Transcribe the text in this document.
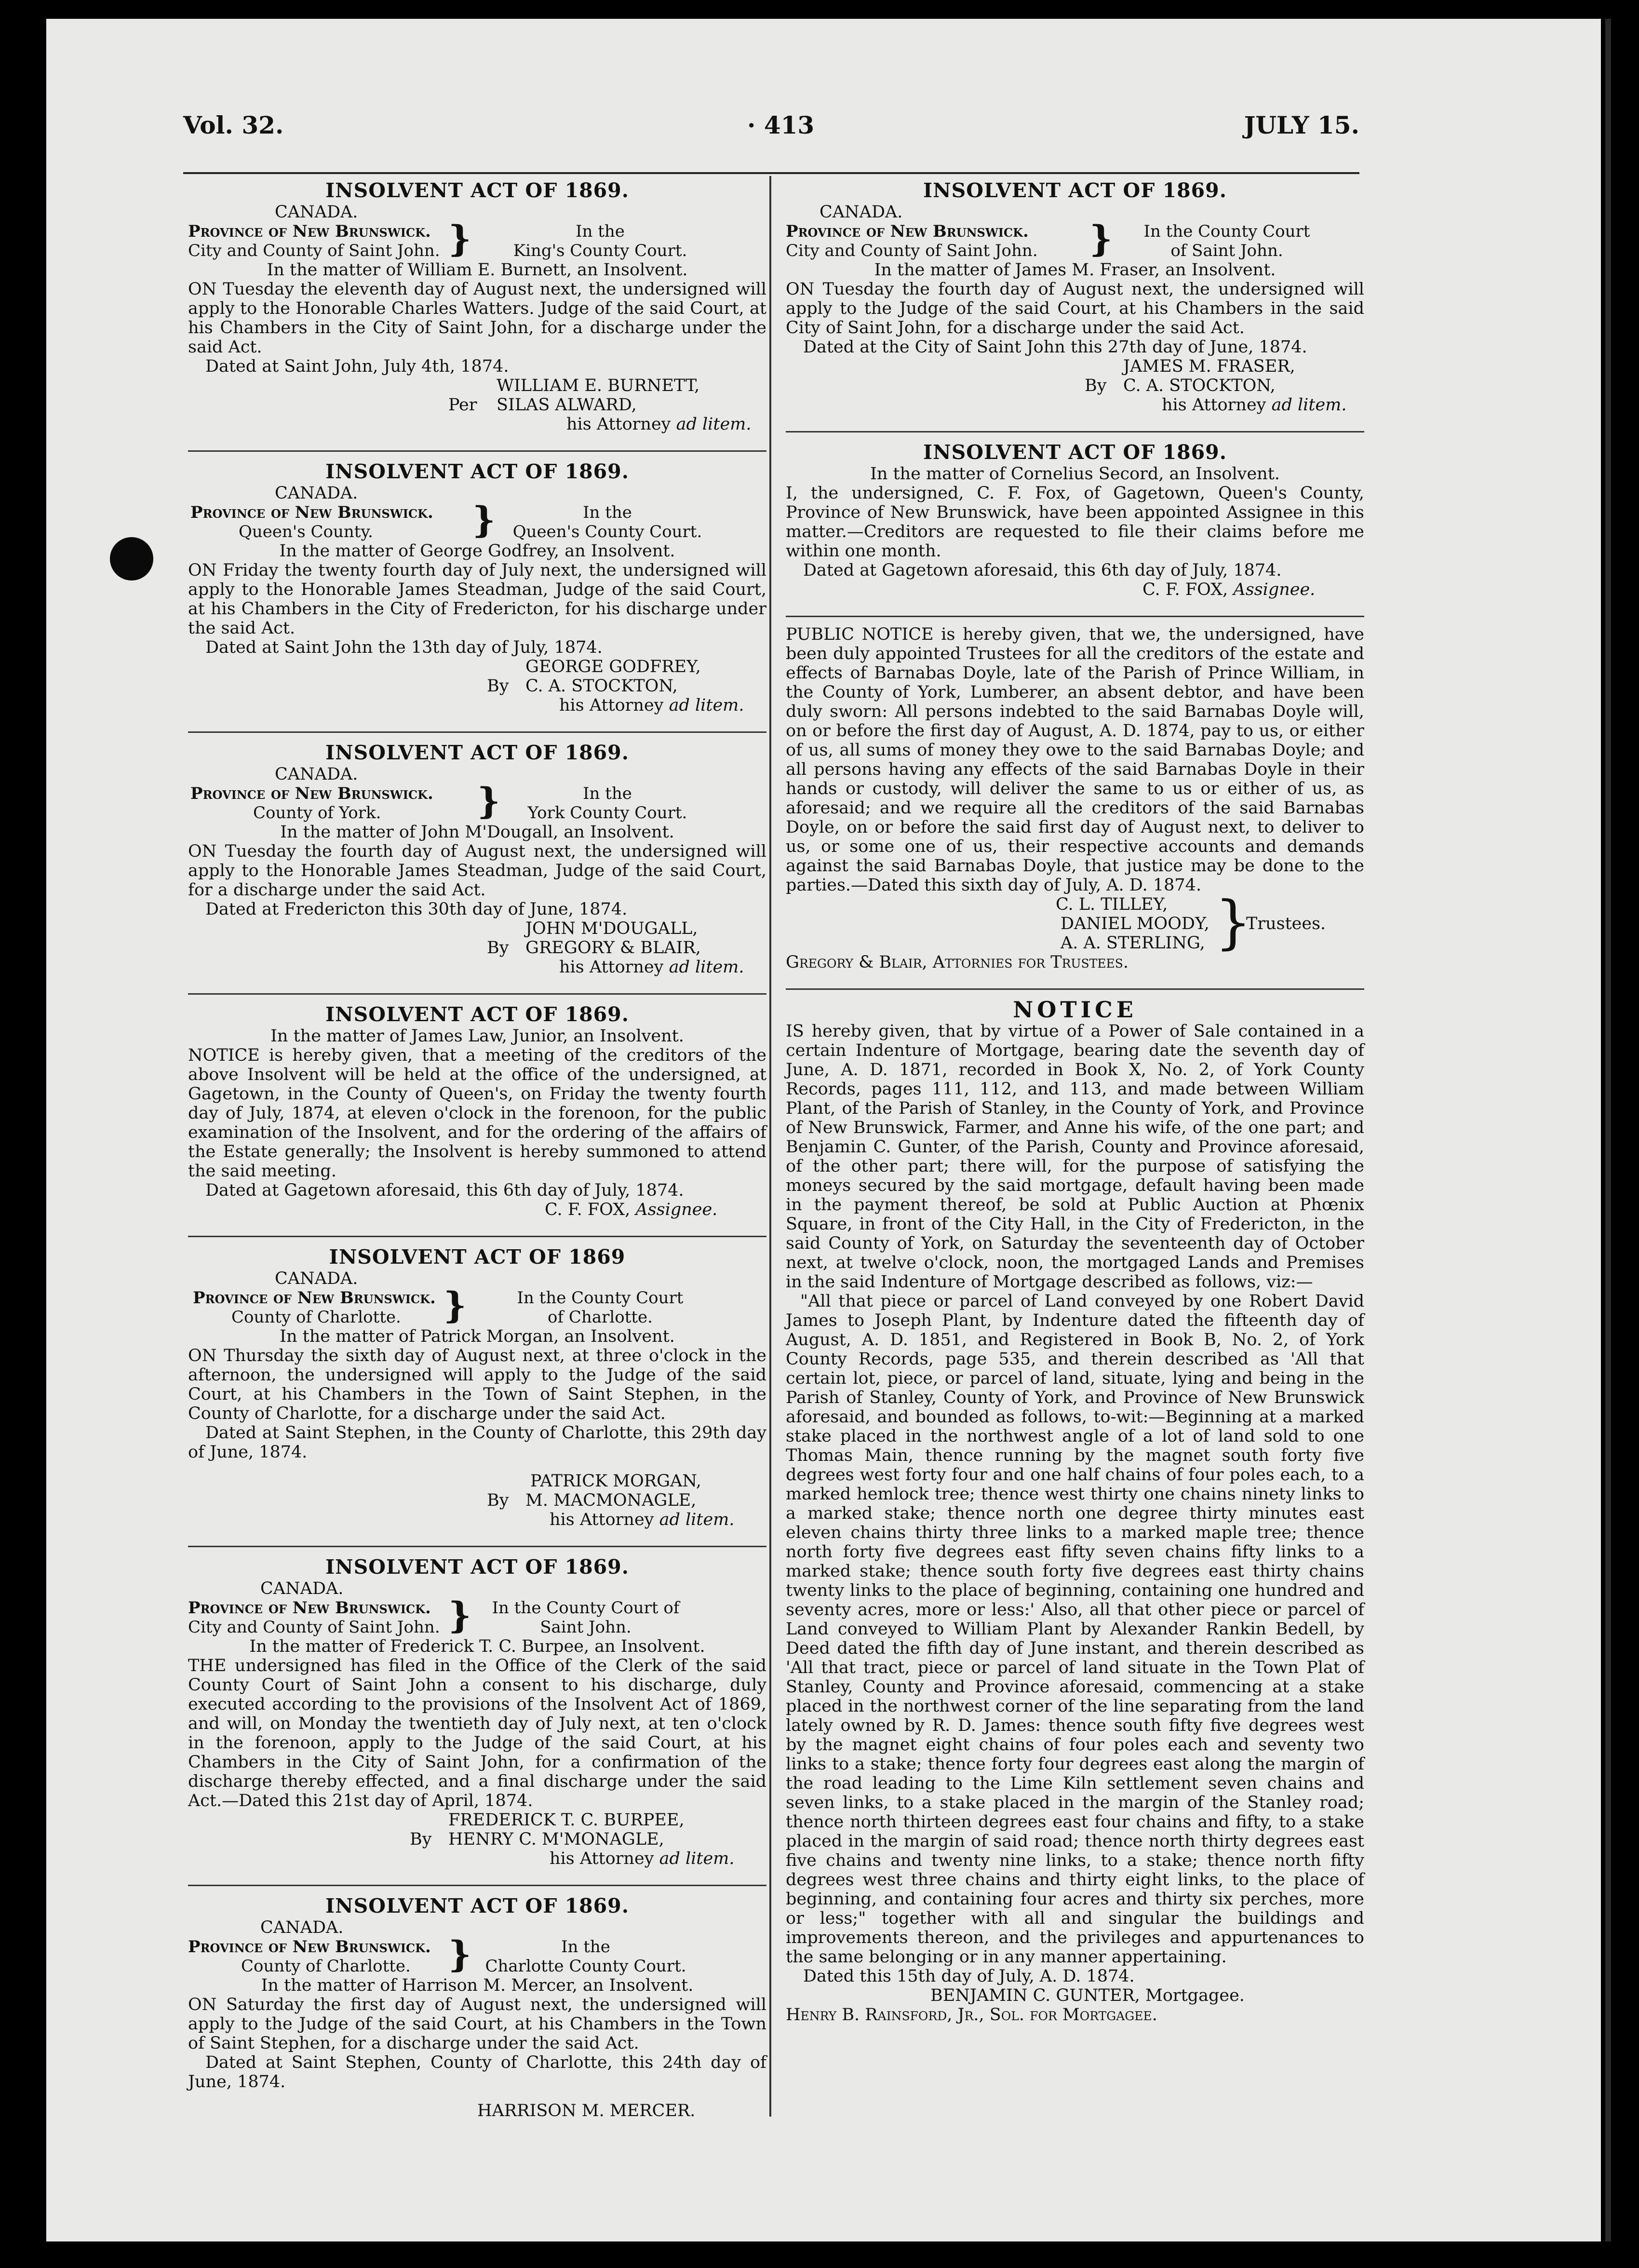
Vol. 32.	· 413	JULY 15.
INSOLVENT ACT OF 1869.
CANADA.
Province of New Brunswick.
City and County of Saint John. }	In the
King's County Court.
In the matter of William E. Burnett, an Insolvent.

ON Tuesday the eleventh day of August next, the undersigned will apply to the Honorable Charles Watters. Judge of the said Court, at his Chambers in the City of Saint John, for a discharge under the said Act.

Dated at Saint John, July 4th, 1874.

WILLIAM E. BURNETT,
Per SILAS ALWARD,
his Attorney ad litem.
INSOLVENT ACT OF 1869.
CANADA.
Province of New Brunswick.
Queen's County.	}	In the
Queen's County Court.
In the matter of George Godfrey, an Insolvent.

ON Friday the twenty fourth day of July next, the undersigned will apply to the Honorable James Steadman, Judge of the said Court, at his Chambers in the City of Fredericton, for his discharge under the said Act.

Dated at Saint John the 13th day of July, 1874.

GEORGE GODFREY,
By C. A. STOCKTON,
his Attorney ad litem.
INSOLVENT ACT OF 1869.
CANADA.
Province of New Brunswick.
County of York.	}	In the
York County Court.
In the matter of John M'Dougall, an Insolvent.

ON Tuesday the fourth day of August next, the undersigned will apply to the Honorable James Steadman, Judge of the said Court, for a discharge under the said Act.

Dated at Fredericton this 30th day of June, 1874.

JOHN M'DOUGALL,
By GREGORY & BLAIR,
his Attorney ad litem.
INSOLVENT ACT OF 1869.
In the matter of James Law, Junior, an Insolvent.

NOTICE is hereby given, that a meeting of the creditors of the above Insolvent will be held at the office of the undersigned, at Gagetown, in the County of Queen's, on Friday the twenty fourth day of July, 1874, at eleven o'clock in the forenoon, for the public examination of the Insolvent, and for the ordering of the affairs of the Estate generally; the Insolvent is hereby summoned to attend the said meeting.

Dated at Gagetown aforesaid, this 6th day of July, 1874.

C. F. FOX, Assignee.
INSOLVENT ACT OF 1869
CANADA.
Province of New Brunswick.
County of Charlotte.	}	In the County Court
of Charlotte.
In the matter of Patrick Morgan, an Insolvent.

ON Thursday the sixth day of August next, at three o'clock in the afternoon, the undersigned will apply to the Judge of the said Court, at his Chambers in the Town of Saint Stephen, in the County of Charlotte, for a discharge under the said Act.

Dated at Saint Stephen, in the County of Charlotte, this 29th day of June, 1874.

PATRICK MORGAN,
By M. MACMONAGLE,
his Attorney ad litem.
INSOLVENT ACT OF 1869.
CANADA.
Province of New Brunswick.
City and County of Saint John. }	In the County Court of
Saint John.
In the matter of Frederick T. C. Burpee, an Insolvent.

THE undersigned has filed in the Office of the Clerk of the said County Court of Saint John a consent to his discharge, duly executed according to the provisions of the Insolvent Act of 1869, and will, on Monday the twentieth day of July next, at ten o'clock in the forenoon, apply to the Judge of the said Court, at his Chambers in the City of Saint John, for a confirmation of the discharge thereby effected, and a final discharge under the said Act.—Dated this 21st day of April, 1874.

FREDERICK T. C. BURPEE,
By HENRY C. M'MONAGLE,
his Attorney ad litem.
INSOLVENT ACT OF 1869.
CANADA.
Province of New Brunswick.
County of Charlotte.	}	In the
Charlotte County Court.
In the matter of Harrison M. Mercer, an Insolvent.

ON Saturday the first day of August next, the undersigned will apply to the Judge of the said Court, at his Chambers in the Town of Saint Stephen, for a discharge under the said Act.

Dated at Saint Stephen, County of Charlotte, this 24th day of June, 1874.

HARRISON M. MERCER.
INSOLVENT ACT OF 1869.
CANADA.
Province of New Brunswick.
City and County of Saint John. }	In the County Court
of Saint John.
In the matter of James M. Fraser, an Insolvent.

ON Tuesday the fourth day of August next, the undersigned will apply to the Judge of the said Court, at his Chambers in the said City of Saint John, for a discharge under the said Act.

Dated at the City of Saint John this 27th day of June, 1874.

JAMES M. FRASER,
By C. A. STOCKTON,
his Attorney ad litem.
INSOLVENT ACT OF 1869.
In the matter of Cornelius Secord, an Insolvent.

I, the undersigned, C. F. Fox, of Gagetown, Queen's County, Province of New Brunswick, have been appointed Assignee in this matter.—Creditors are requested to file their claims before me within one month.

Dated at Gagetown aforesaid, this 6th day of July, 1874.

C. F. FOX, Assignee.

PUBLIC NOTICE is hereby given, that we, the undersigned, have been duly appointed Trustees for all the creditors of the estate and effects of Barnabas Doyle, late of the Parish of Prince William, in the County of York, Lumberer, an absent debtor, and have been duly sworn: All persons indebted to the said Barnabas Doyle will, on or before the first day of August, A. D. 1874, pay to us, or either of us, all sums of money they owe to the said Barnabas Doyle; and all persons having any effects of the said Barnabas Doyle in their hands or custody, will deliver the same to us or either of us, as aforesaid; and we require all the creditors of the said Barnabas Doyle, on or before the said first day of August next, to deliver to us, or some one of us, their respective accounts and demands against the said Barnabas Doyle, that justice may be done to the parties.—Dated this sixth day of July, A. D. 1874.

C. L. TILLEY,
DANIEL MOODY,
A. A. STERLING, }
Trustees.
Gregory & Blair, Attornies for Trustees.
NOTICE

IS hereby given, that by virtue of a Power of Sale contained in a certain Indenture of Mortgage, bearing date the seventh day of June, A. D. 1871, recorded in Book X, No. 2, of York County Records, pages 111, 112, and 113, and made between William Plant, of the Parish of Stanley, in the County of York, and Province of New Brunswick, Farmer, and Anne his wife, of the one part; and Benjamin C. Gunter, of the Parish, County and Province aforesaid, of the other part; there will, for the purpose of satisfying the moneys secured by the said mortgage, default having been made in the payment thereof, be sold at Public Auction at Phœnix Square, in front of the City Hall, in the City of Fredericton, in the said County of York, on Saturday the seventeenth day of October next, at twelve o'clock, noon, the mortgaged Lands and Premises in the said Indenture of Mortgage described as follows, viz:—

"All that piece or parcel of Land conveyed by one Robert David James to Joseph Plant, by Indenture dated the fifteenth day of August, A. D. 1851, and Registered in Book B, No. 2, of York County Records, page 535, and therein described as 'All that certain lot, piece, or parcel of land, situate, lying and being in the Parish of Stanley, County of York, and Province of New Brunswick aforesaid, and bounded as follows, to-wit:—Beginning at a marked stake placed in the northwest angle of a lot of land sold to one Thomas Main, thence running by the magnet south forty five degrees west forty four and one half chains of four poles each, to a marked hemlock tree; thence west thirty one chains ninety links to a marked stake; thence north one degree thirty minutes east eleven chains thirty three links to a marked maple tree; thence north forty five degrees east fifty seven chains fifty links to a marked stake; thence south forty five degrees east thirty chains twenty links to the place of beginning, containing one hundred and seventy acres, more or less:' Also, all that other piece or parcel of Land conveyed to William Plant by Alexander Rankin Bedell, by Deed dated the fifth day of June instant, and therein described as 'All that tract, piece or parcel of land situate in the Town Plat of Stanley, County and Province aforesaid, commencing at a stake placed in the northwest corner of the line separating from the land lately owned by R. D. James: thence south fifty five degrees west by the magnet eight chains of four poles each and seventy two links to a stake; thence forty four degrees east along the margin of the road leading to the Lime Kiln settlement seven chains and seven links, to a stake placed in the margin of the Stanley road; thence north thirteen degrees east four chains and fifty, to a stake placed in the margin of said road; thence north thirty degrees east five chains and twenty nine links, to a stake; thence north fifty degrees west three chains and thirty eight links, to the place of beginning, and containing four acres and thirty six perches, more or less;" together with all and singular the buildings and improvements thereon, and the privileges and appurtenances to the same belonging or in any manner appertaining.

Dated this 15th day of July, A. D. 1874.

BENJAMIN C. GUNTER, Mortgagee.
Henry B. Rainsford, Jr., Sol. for Mortgagee.
